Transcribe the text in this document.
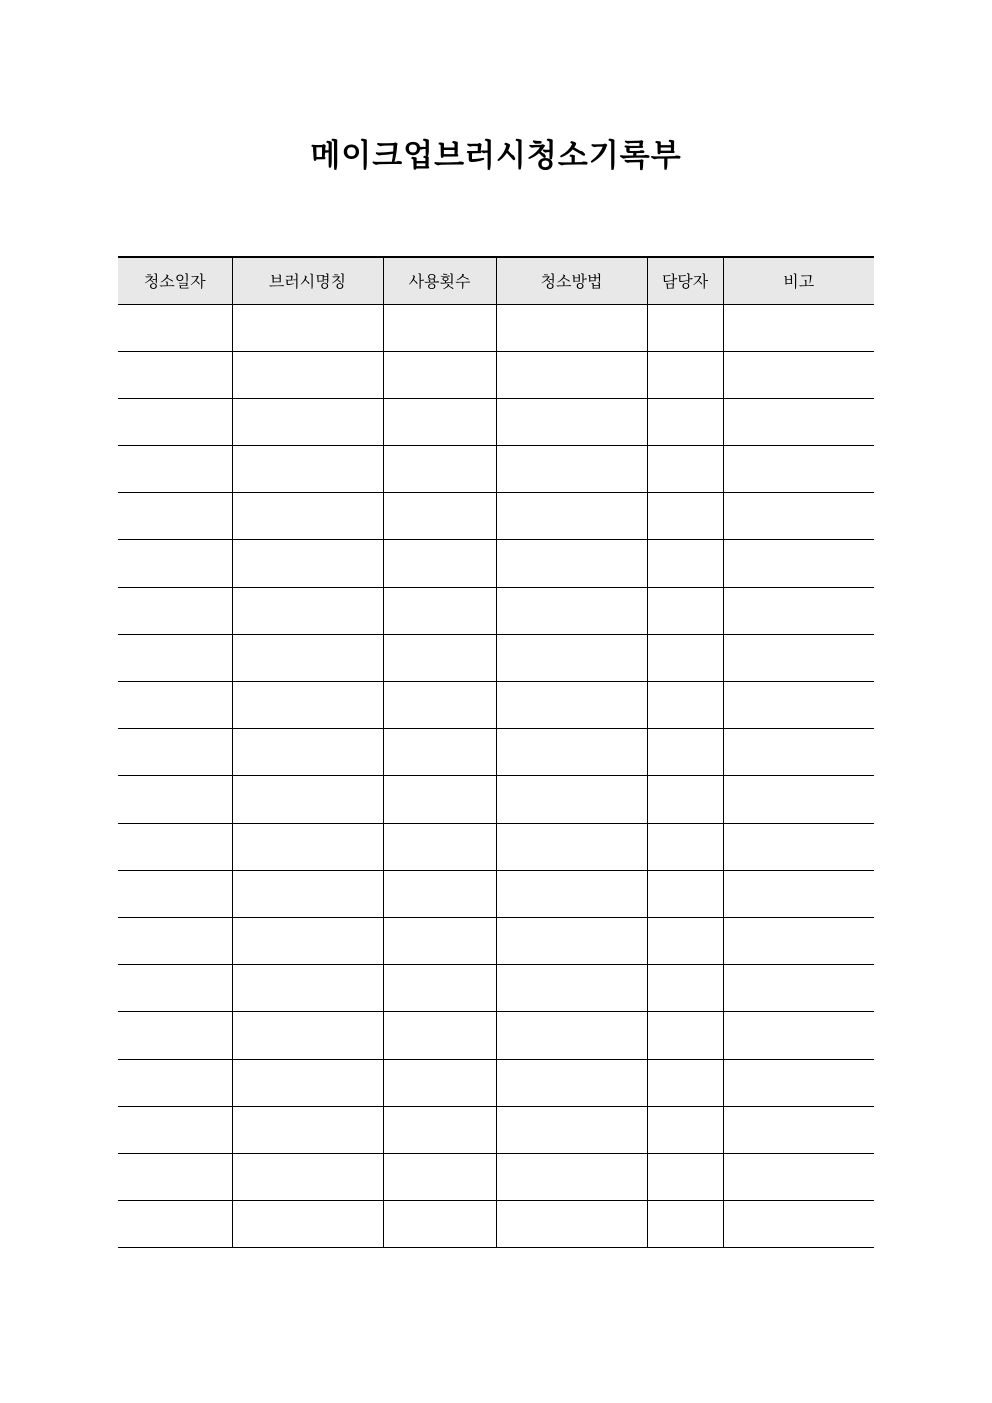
메이크업브러시청소기록부
청소일자	브러시명칭	사용횟수	청소방법	담당자	비고
